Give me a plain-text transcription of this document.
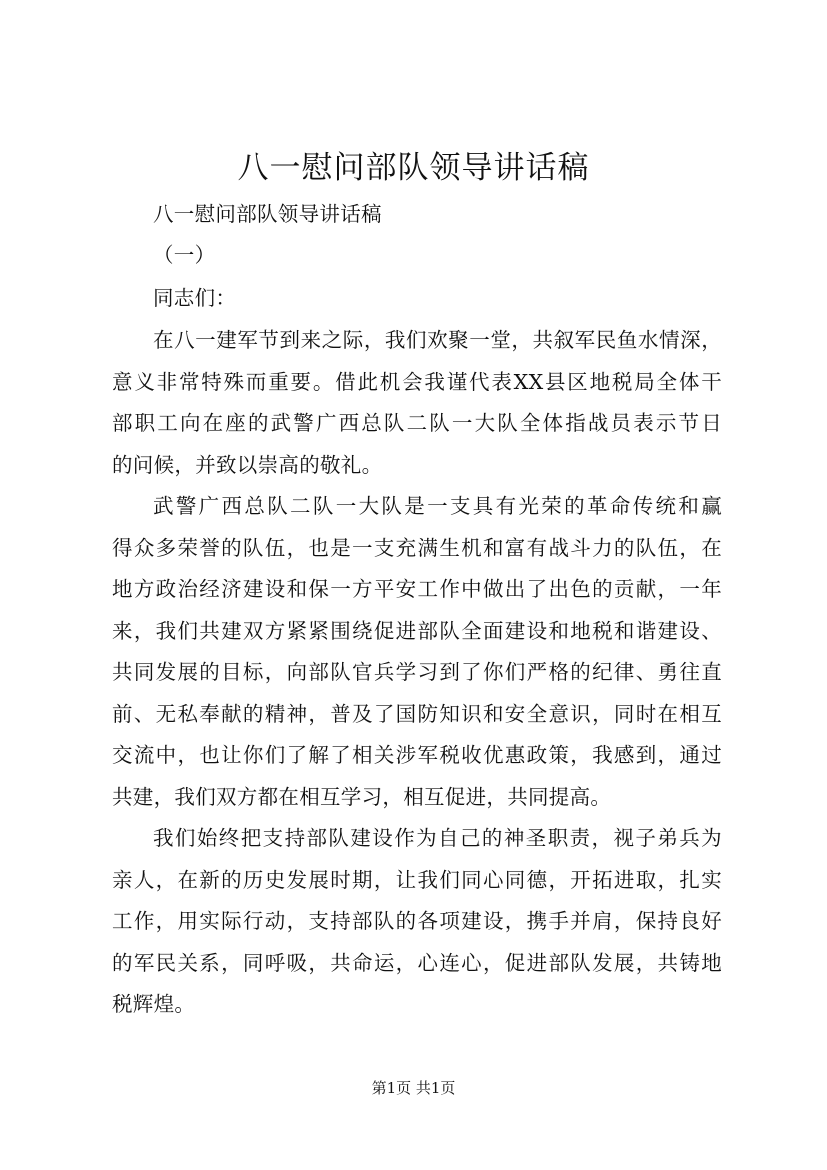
八一慰问部队领导讲话稿
八一慰问部队领导讲话稿
（一）
同志们：
在八一建军节到来之际，我们欢聚一堂，共叙军民鱼水情深，
意义非常特殊而重要。借此机会我谨代表XX县区地税局全体干
部职工向在座的武警广西总队二队一大队全体指战员表示节日
的问候，并致以崇高的敬礼。
武警广西总队二队一大队是一支具有光荣的革命传统和赢
得众多荣誉的队伍，也是一支充满生机和富有战斗力的队伍，在
地方政治经济建设和保一方平安工作中做出了出色的贡献，一年
来，我们共建双方紧紧围绕促进部队全面建设和地税和谐建设、
共同发展的目标，向部队官兵学习到了你们严格的纪律、勇往直
前、无私奉献的精神，普及了国防知识和安全意识，同时在相互
交流中，也让你们了解了相关涉军税收优惠政策，我感到，通过
共建，我们双方都在相互学习，相互促进，共同提高。
我们始终把支持部队建设作为自己的神圣职责，视子弟兵为
亲人，在新的历史发展时期，让我们同心同德，开拓进取，扎实
工作，用实际行动，支持部队的各项建设，携手并肩，保持良好
的军民关系，同呼吸，共命运，心连心，促进部队发展，共铸地
税辉煌。
第1页 共1页
